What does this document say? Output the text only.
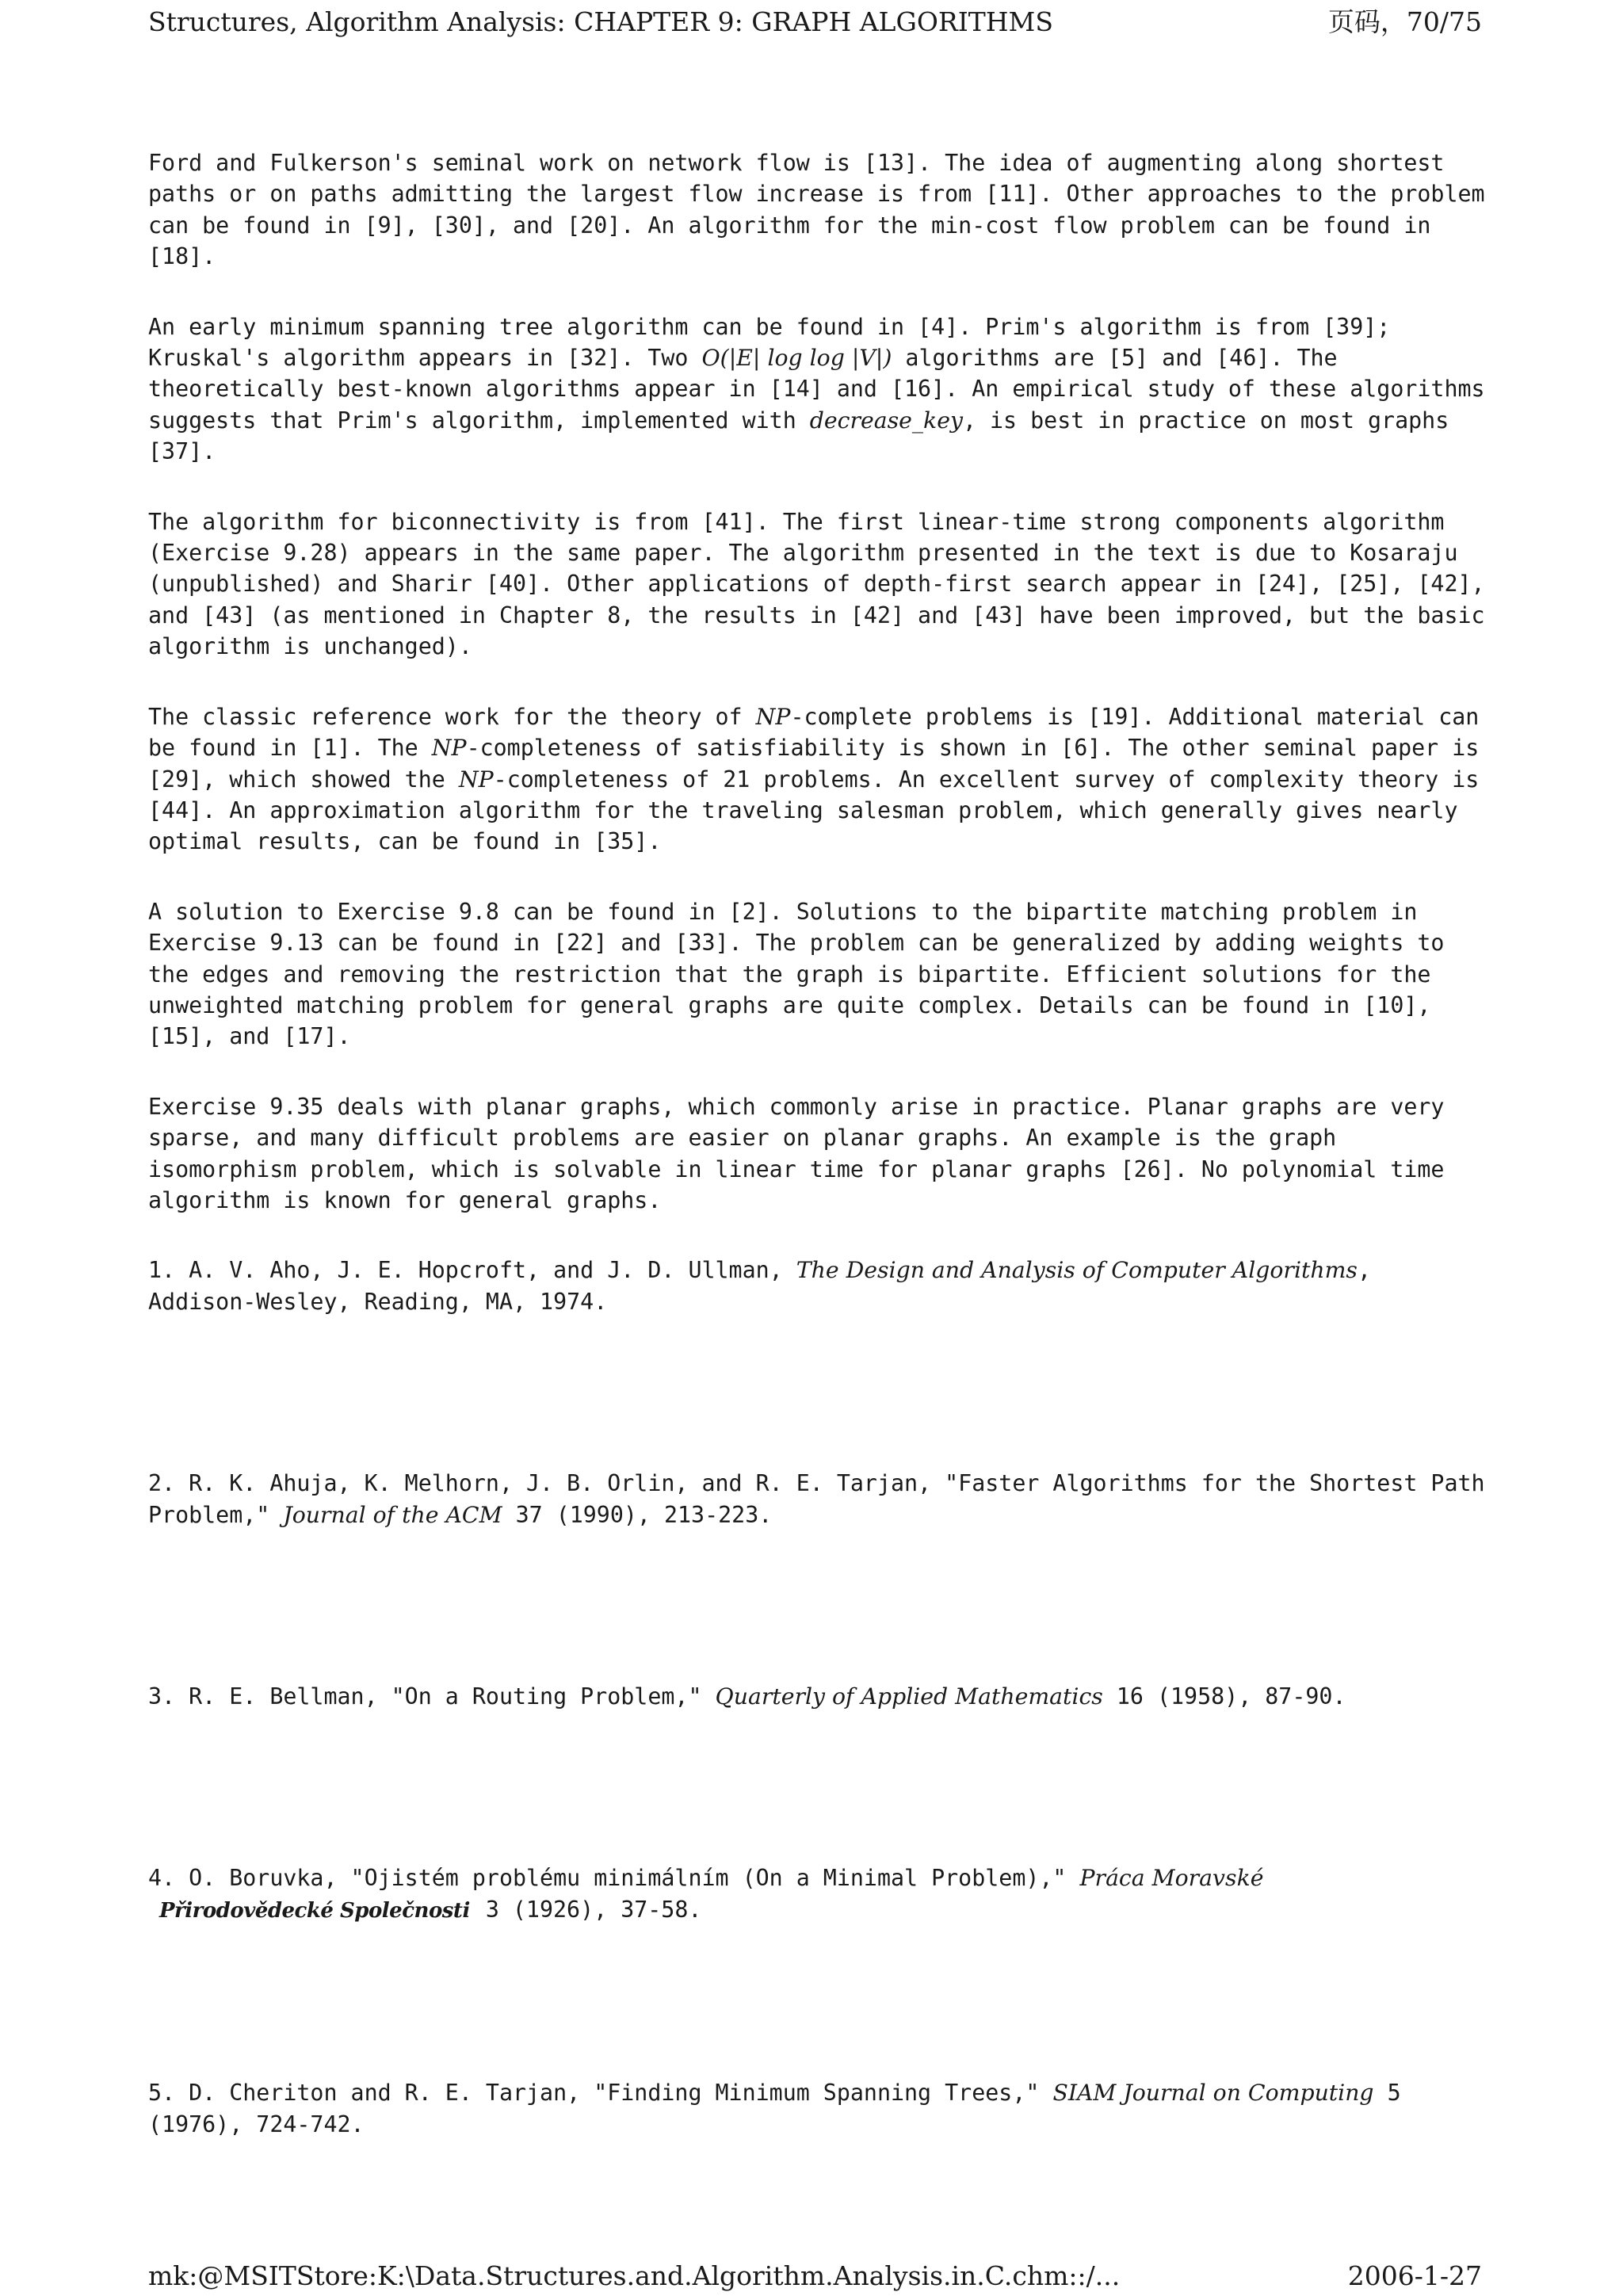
Structures, Algorithm Analysis: CHAPTER 9: GRAPH ALGORITHMS	页码，70/75

Ford and Fulkerson's seminal work on network flow is [13]. The idea of augmenting along shortest paths or on paths admitting the largest flow increase is from [11]. Other approaches to the problem can be found in [9], [30], and [20]. An algorithm for the min-cost flow problem can be found in [18].

An early minimum spanning tree algorithm can be found in [4]. Prim's algorithm is from [39]; Kruskal's algorithm appears in [32]. Two O(|E| log log |V|) algorithms are [5] and [46]. The theoretically best-known algorithms appear in [14] and [16]. An empirical study of these algorithms suggests that Prim's algorithm, implemented with decrease_key, is best in practice on most graphs [37].

The algorithm for biconnectivity is from [41]. The first linear-time strong components algorithm (Exercise 9.28) appears in the same paper. The algorithm presented in the text is due to Kosaraju (unpublished) and Sharir [40]. Other applications of depth-first search appear in [24], [25], [42], and [43] (as mentioned in Chapter 8, the results in [42] and [43] have been improved, but the basic algorithm is unchanged).

The classic reference work for the theory of NP-complete problems is [19]. Additional material can be found in [1]. The NP-completeness of satisfiability is shown in [6]. The other seminal paper is [29], which showed the NP-completeness of 21 problems. An excellent survey of complexity theory is [44]. An approximation algorithm for the traveling salesman problem, which generally gives nearly optimal results, can be found in [35].

A solution to Exercise 9.8 can be found in [2]. Solutions to the bipartite matching problem in Exercise 9.13 can be found in [22] and [33]. The problem can be generalized by adding weights to the edges and removing the restriction that the graph is bipartite. Efficient solutions for the unweighted matching problem for general graphs are quite complex. Details can be found in [10], [15], and [17].

Exercise 9.35 deals with planar graphs, which commonly arise in practice. Planar graphs are very sparse, and many difficult problems are easier on planar graphs. An example is the graph isomorphism problem, which is solvable in linear time for planar graphs [26]. No polynomial time algorithm is known for general graphs.

1. A. V. Aho, J. E. Hopcroft, and J. D. Ullman, The Design and Analysis of Computer Algorithms, Addison-Wesley, Reading, MA, 1974.

2. R. K. Ahuja, K. Melhorn, J. B. Orlin, and R. E. Tarjan, "Faster Algorithms for the Shortest Path Problem," Journal of the ACM 37 (1990), 213-223.

3. R. E. Bellman, "On a Routing Problem," Quarterly of Applied Mathematics 16 (1958), 87-90.

4. O. Boruvka, "Ojistém problému minimálním (On a Minimal Problem)," Práca Moravské
Přirodovědecké Společnosti 3 (1926), 37-58.

5. D. Cheriton and R. E. Tarjan, "Finding Minimum Spanning Trees," SIAM Journal on Computing 5 (1976), 724-742.

mk:@MSITStore:K:\Data.Structures.and.Algorithm.Analysis.in.C.chm::/...	2006-1-27
